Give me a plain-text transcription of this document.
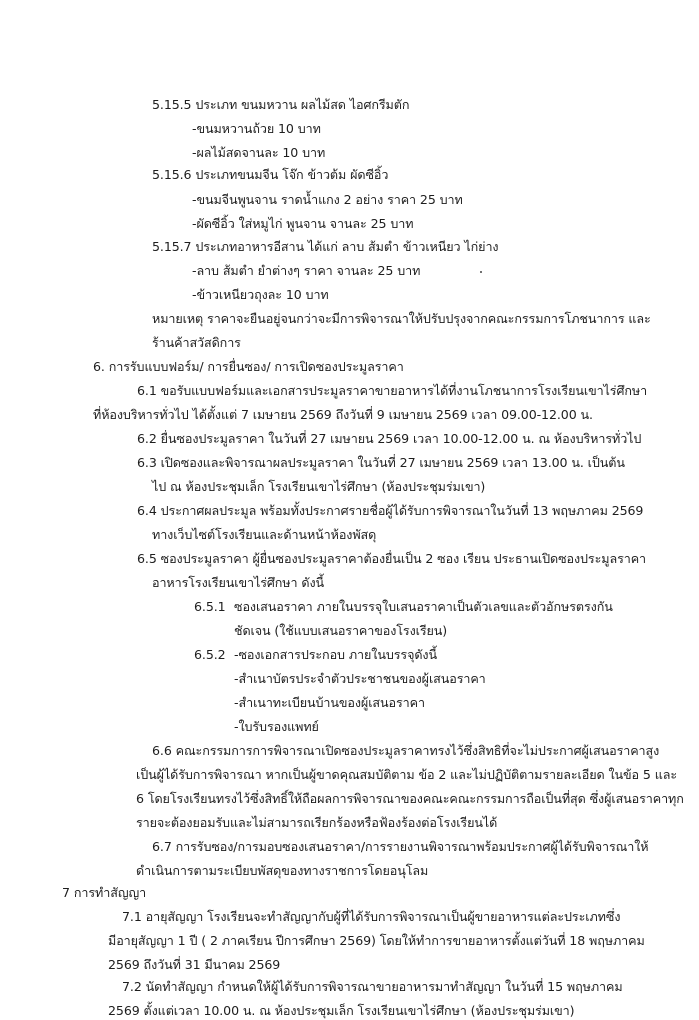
5.15.5 ประเภท ขนมหวาน ผลไม้สด ไอศกรีมตัก
-ขนมหวานถ้วย 10 บาท
-ผลไม้สดจานละ 10 บาท
5.15.6 ประเภทขนมจีน โจ๊ก ข้าวต้ม ผัดซีอิ้ว
-ขนมจีนพูนจาน ราดน้ำแกง 2 อย่าง ราคา 25 บาท
-ผัดซีอิ้ว ใส่หมูไก่ พูนจาน จานละ 25 บาท
5.15.7 ประเภทอาหารอีสาน ได้แก่ ลาบ ส้มตำ ข้าวเหนียว ไก่ย่าง
-ลาบ ส้มตำ ยำต่างๆ ราคา จานละ 25 บาท
-ข้าวเหนียวถุงละ 10 บาท
หมายเหตุ ราคาจะยืนอยู่จนกว่าจะมีการพิจารณาให้ปรับปรุงจากคณะกรรมการโภชนาการ และ
ร้านค้าสวัสดิการ
6. การรับแบบฟอร์ม/ การยื่นซอง/ การเปิดซองประมูลราคา
6.1 ขอรับแบบฟอร์มและเอกสารประมูลราคาขายอาหารได้ที่งานโภชนาการโรงเรียนเขาไร่ศึกษา
ที่ห้องบริหารทั่วไป ได้ตั้งแต่ 7 เมษายน 2569 ถึงวันที่ 9 เมษายน 2569 เวลา 09.00-12.00 น.
6.2 ยื่นซองประมูลราคา ในวันที่ 27 เมษายน 2569 เวลา 10.00-12.00 น. ณ ห้องบริหารทั่วไป
6.3 เปิดซองและพิจารณาผลประมูลราคา ในวันที่ 27 เมษายน 2569 เวลา 13.00 น. เป็นต้น
ไป ณ ห้องประชุมเล็ก โรงเรียนเขาไร่ศึกษา (ห้องประชุมร่มเขา)
6.4 ประกาศผลประมูล พร้อมทั้งประกาศรายชื่อผู้ได้รับการพิจารณาในวันที่ 13 พฤษภาคม 2569
ทางเว็บไซต์โรงเรียนและด้านหน้าห้องพัสดุ
6.5 ซองประมูลราคา ผู้ยื่นซองประมูลราคาต้องยื่นเป็น 2 ซอง เรียน ประธานเปิดซองประมูลราคา
อาหารโรงเรียนเขาไร่ศึกษา ดังนี้
6.5.1 ซองเสนอราคา ภายในบรรจุใบเสนอราคาเป็นตัวเลขและตัวอักษรตรงกัน
ชัดเจน (ใช้แบบเสนอราคาของโรงเรียน)
6.5.2 -ซองเอกสารประกอบ ภายในบรรจุดังนี้
-สำเนาบัตรประจำตัวประชาชนของผู้เสนอราคา
-สำเนาทะเบียนบ้านของผู้เสนอราคา
-ใบรับรองแพทย์
6.6 คณะกรรมการการพิจารณาเปิดซองประมูลราคาทรงไว้ซึ่งสิทธิที่จะไม่ประกาศผู้เสนอราคาสูง
เป็นผู้ได้รับการพิจารณา หากเป็นผู้ขาดคุณสมบัติตาม ข้อ 2 และไม่ปฏิบัติตามรายละเอียด ในข้อ 5 และ
6 โดยโรงเรียนทรงไว้ซึ่งสิทธิ์ให้ถือผลการพิจารณาของคณะคณะกรรมการถือเป็นที่สุด ซึ่งผู้เสนอราคาทุก
รายจะต้องยอมรับและไม่สามารถเรียกร้องหรือฟ้องร้องต่อโรงเรียนได้
6.7 การรับซอง/การมอบซองเสนอราคา/การรายงานพิจารณาพร้อมประกาศผู้ได้รับพิจารณาให้
ดำเนินการตามระเบียบพัสดุของทางราชการโดยอนุโลม
7 การทำสัญญา
7.1 อายุสัญญา โรงเรียนจะทำสัญญากับผู้ที่ได้รับการพิจารณาเป็นผู้ขายอาหารแต่ละประเภทซึ่ง
มีอายุสัญญา 1 ปี ( 2 ภาคเรียน ปีการศึกษา 2569) โดยให้ทำการขายอาหารตั้งแต่วันที่ 18 พฤษภาคม
2569 ถึงวันที่ 31 มีนาคม 2569
7.2 นัดทำสัญญา กำหนดให้ผู้ได้รับการพิจารณาขายอาหารมาทำสัญญา ในวันที่ 15 พฤษภาคม
2569 ตั้งแต่เวลา 10.00 น. ณ ห้องประชุมเล็ก โรงเรียนเขาไร่ศึกษา (ห้องประชุมร่มเขา)
